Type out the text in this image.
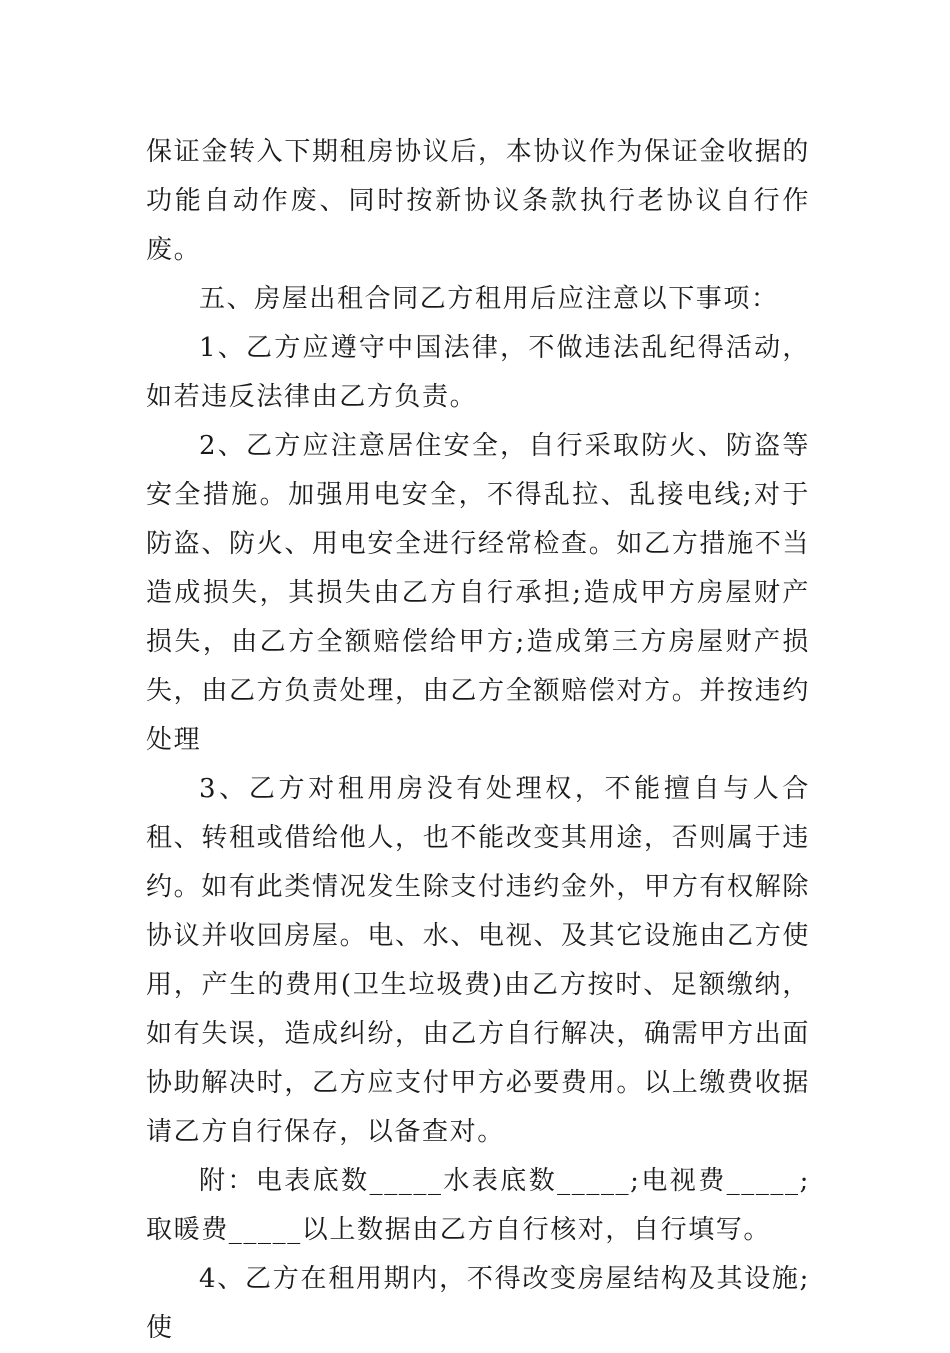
保证金转入下期租房协议后，本协议作为保证金收据的功能自动作废、同时按新协议条款执行老协议自行作废。

五、房屋出租合同乙方租用后应注意以下事项：

1、乙方应遵守中国法律，不做违法乱纪得活动，如若违反法律由乙方负责。

2、乙方应注意居住安全，自行采取防火、防盗等安全措施。加强用电安全，不得乱拉、乱接电线;对于防盗、防火、用电安全进行经常检查。如乙方措施不当造成损失，其损失由乙方自行承担;造成甲方房屋财产损失，由乙方全额赔偿给甲方;造成第三方房屋财产损失，由乙方负责处理，由乙方全额赔偿对方。并按违约处理

3、乙方对租用房没有处理权，不能擅自与人合租、转租或借给他人，也不能改变其用途，否则属于违约。如有此类情况发生除支付违约金外，甲方有权解除协议并收回房屋。电、水、电视、及其它设施由乙方使用，产生的费用(卫生垃圾费)由乙方按时、足额缴纳，如有失误，造成纠纷，由乙方自行解决，确需甲方出面协助解决时，乙方应支付甲方必要费用。以上缴费收据请乙方自行保存，以备查对。

附：电表底数_____水表底数_____;电视费_____;取暖费_____以上数据由乙方自行核对，自行填写。

4、乙方在租用期内，不得改变房屋结构及其设施;使
